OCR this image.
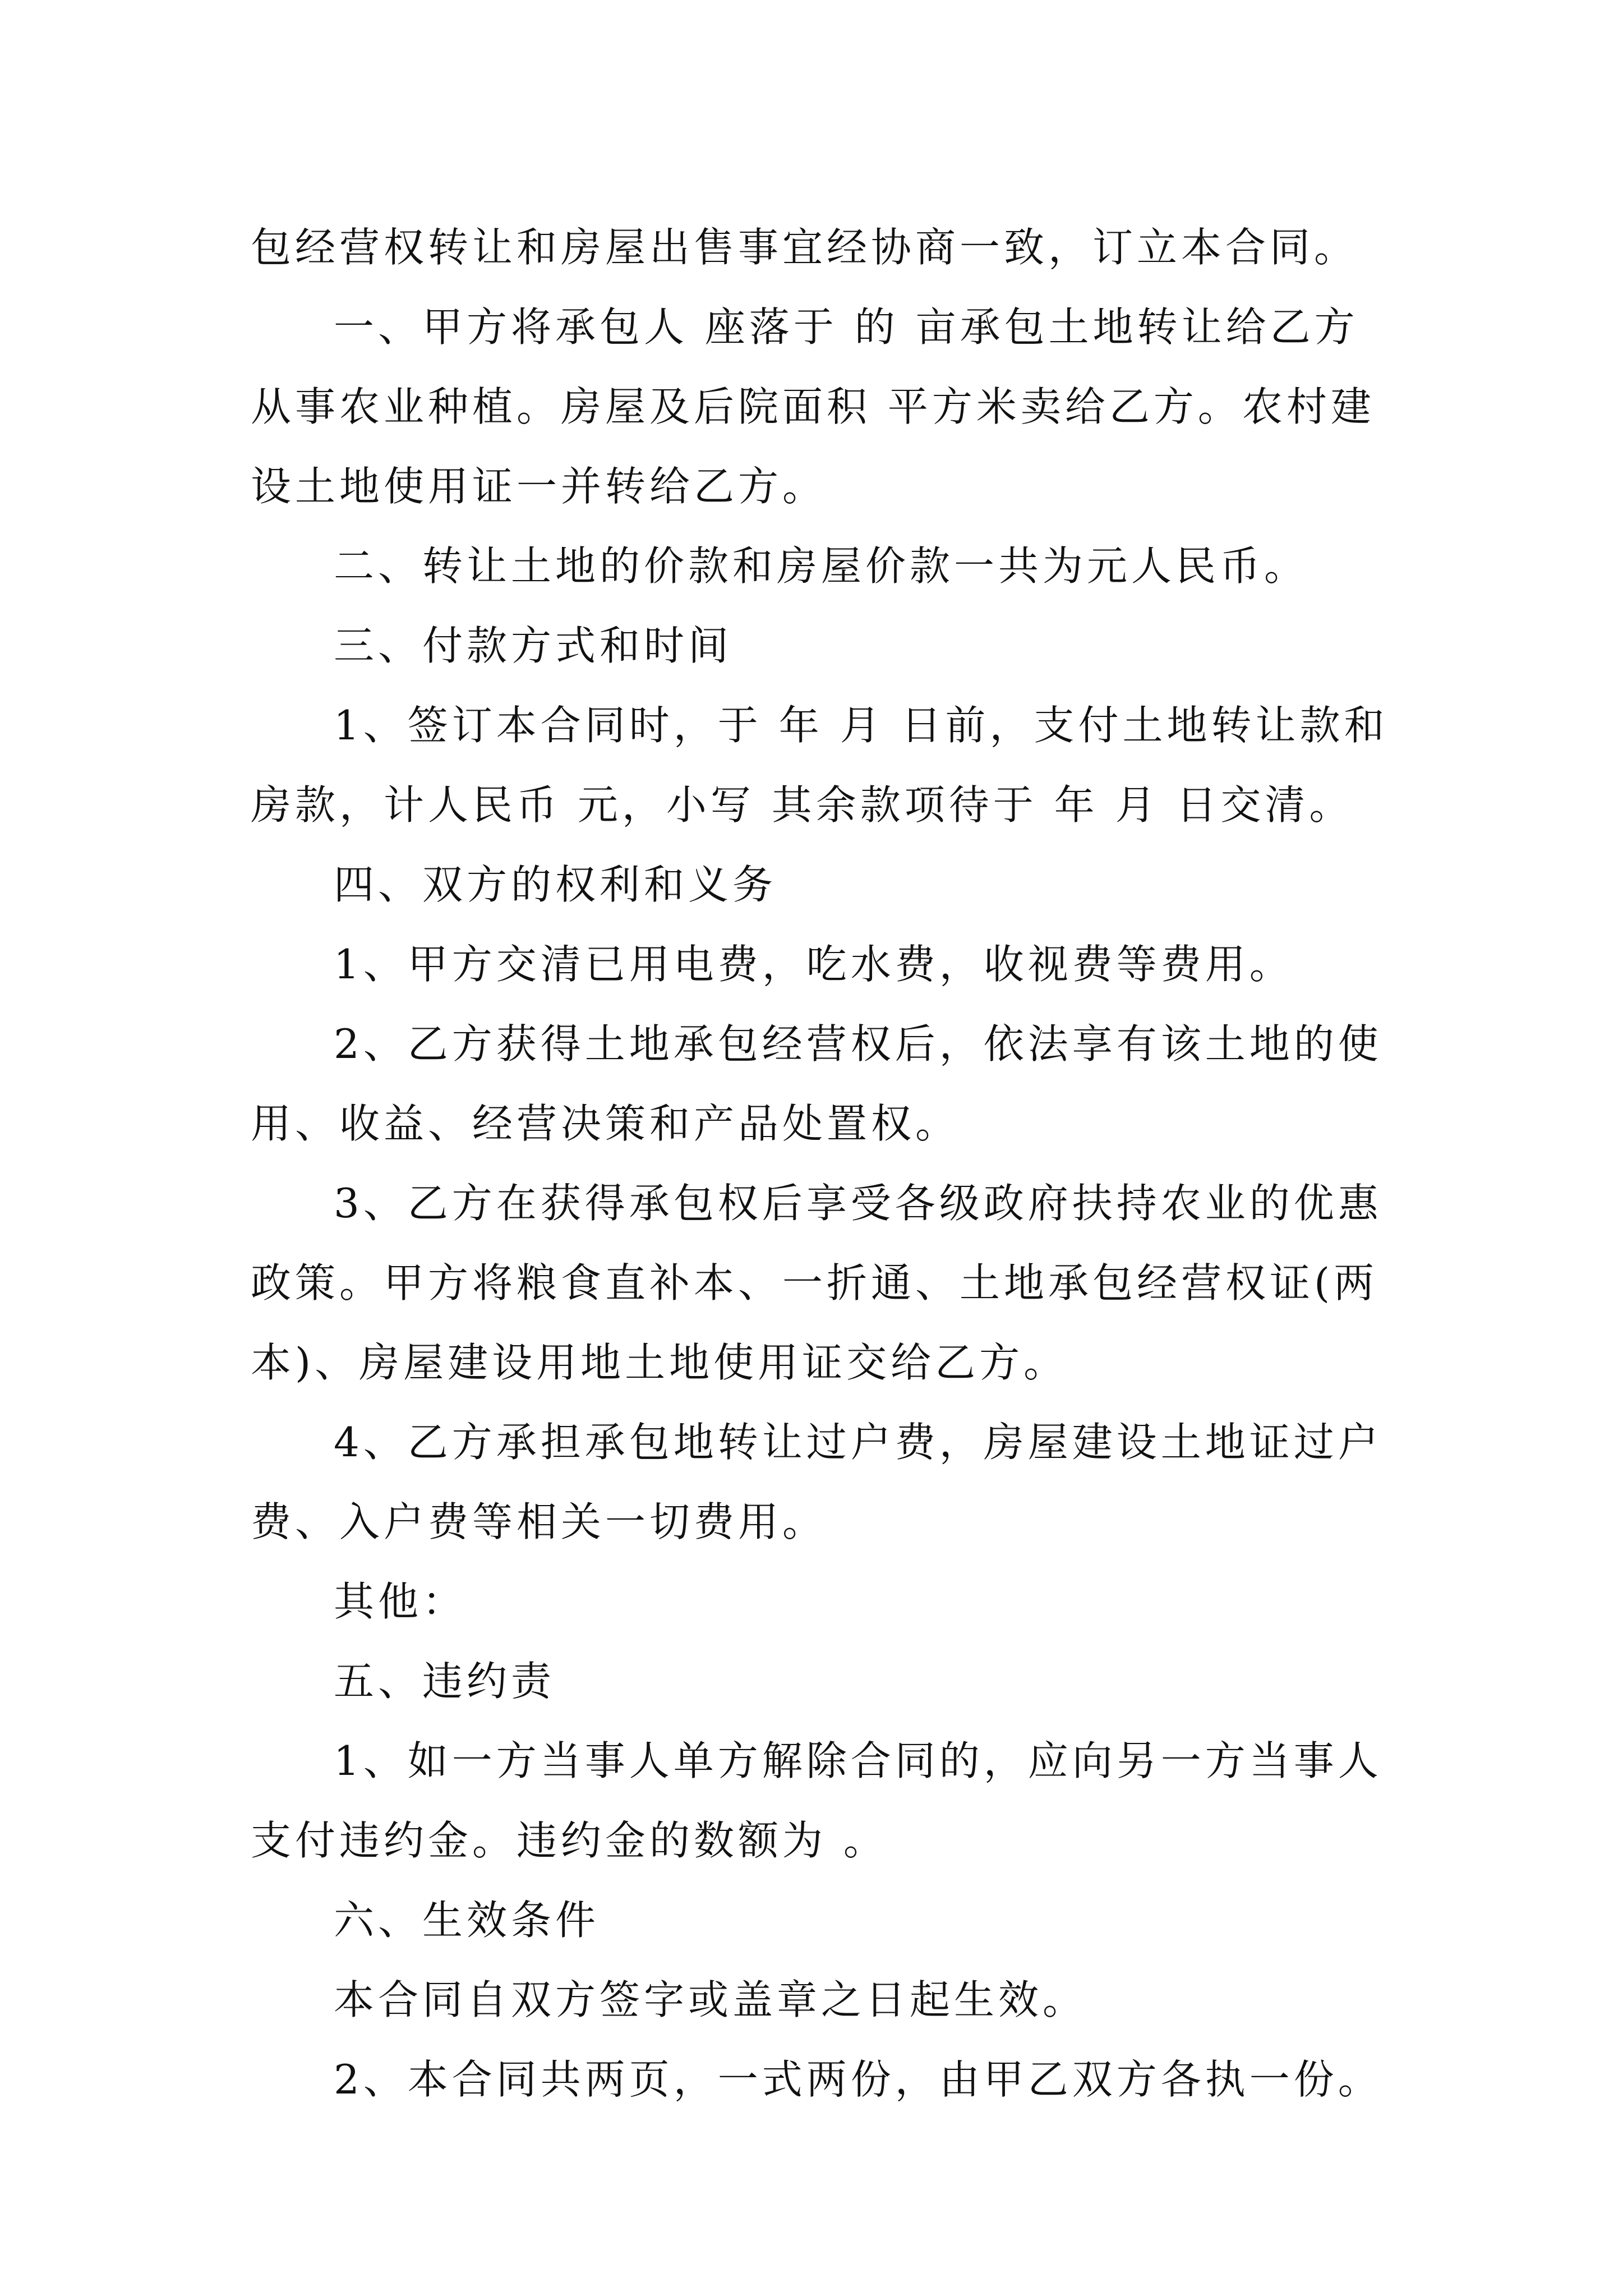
包经营权转让和房屋出售事宜经协商一致，订立本合同。

一、甲方将承包人 座落于 的 亩承包土地转让给乙方从事农业种植。房屋及后院面积 平方米卖给乙方。农村建设土地使用证一并转给乙方。

二、转让土地的价款和房屋价款一共为元人民币。

三、付款方式和时间

1、签订本合同时，于 年 月 日前，支付土地转让款和房款，计人民币 元，小写 其余款项待于 年 月 日交清。

四、双方的权利和义务

1、甲方交清已用电费，吃水费，收视费等费用。

2、乙方获得土地承包经营权后，依法享有该土地的使用、收益、经营决策和产品处置权。

3、乙方在获得承包权后享受各级政府扶持农业的优惠政策。甲方将粮食直补本、一折通、土地承包经营权证(两本)、房屋建设用地土地使用证交给乙方。

4、乙方承担承包地转让过户费，房屋建设土地证过户费、入户费等相关一切费用。

其他：

五、违约责

1、如一方当事人单方解除合同的，应向另一方当事人支付违约金。违约金的数额为 。

六、生效条件

本合同自双方签字或盖章之日起生效。

2、本合同共两页，一式两份，由甲乙双方各执一份。
